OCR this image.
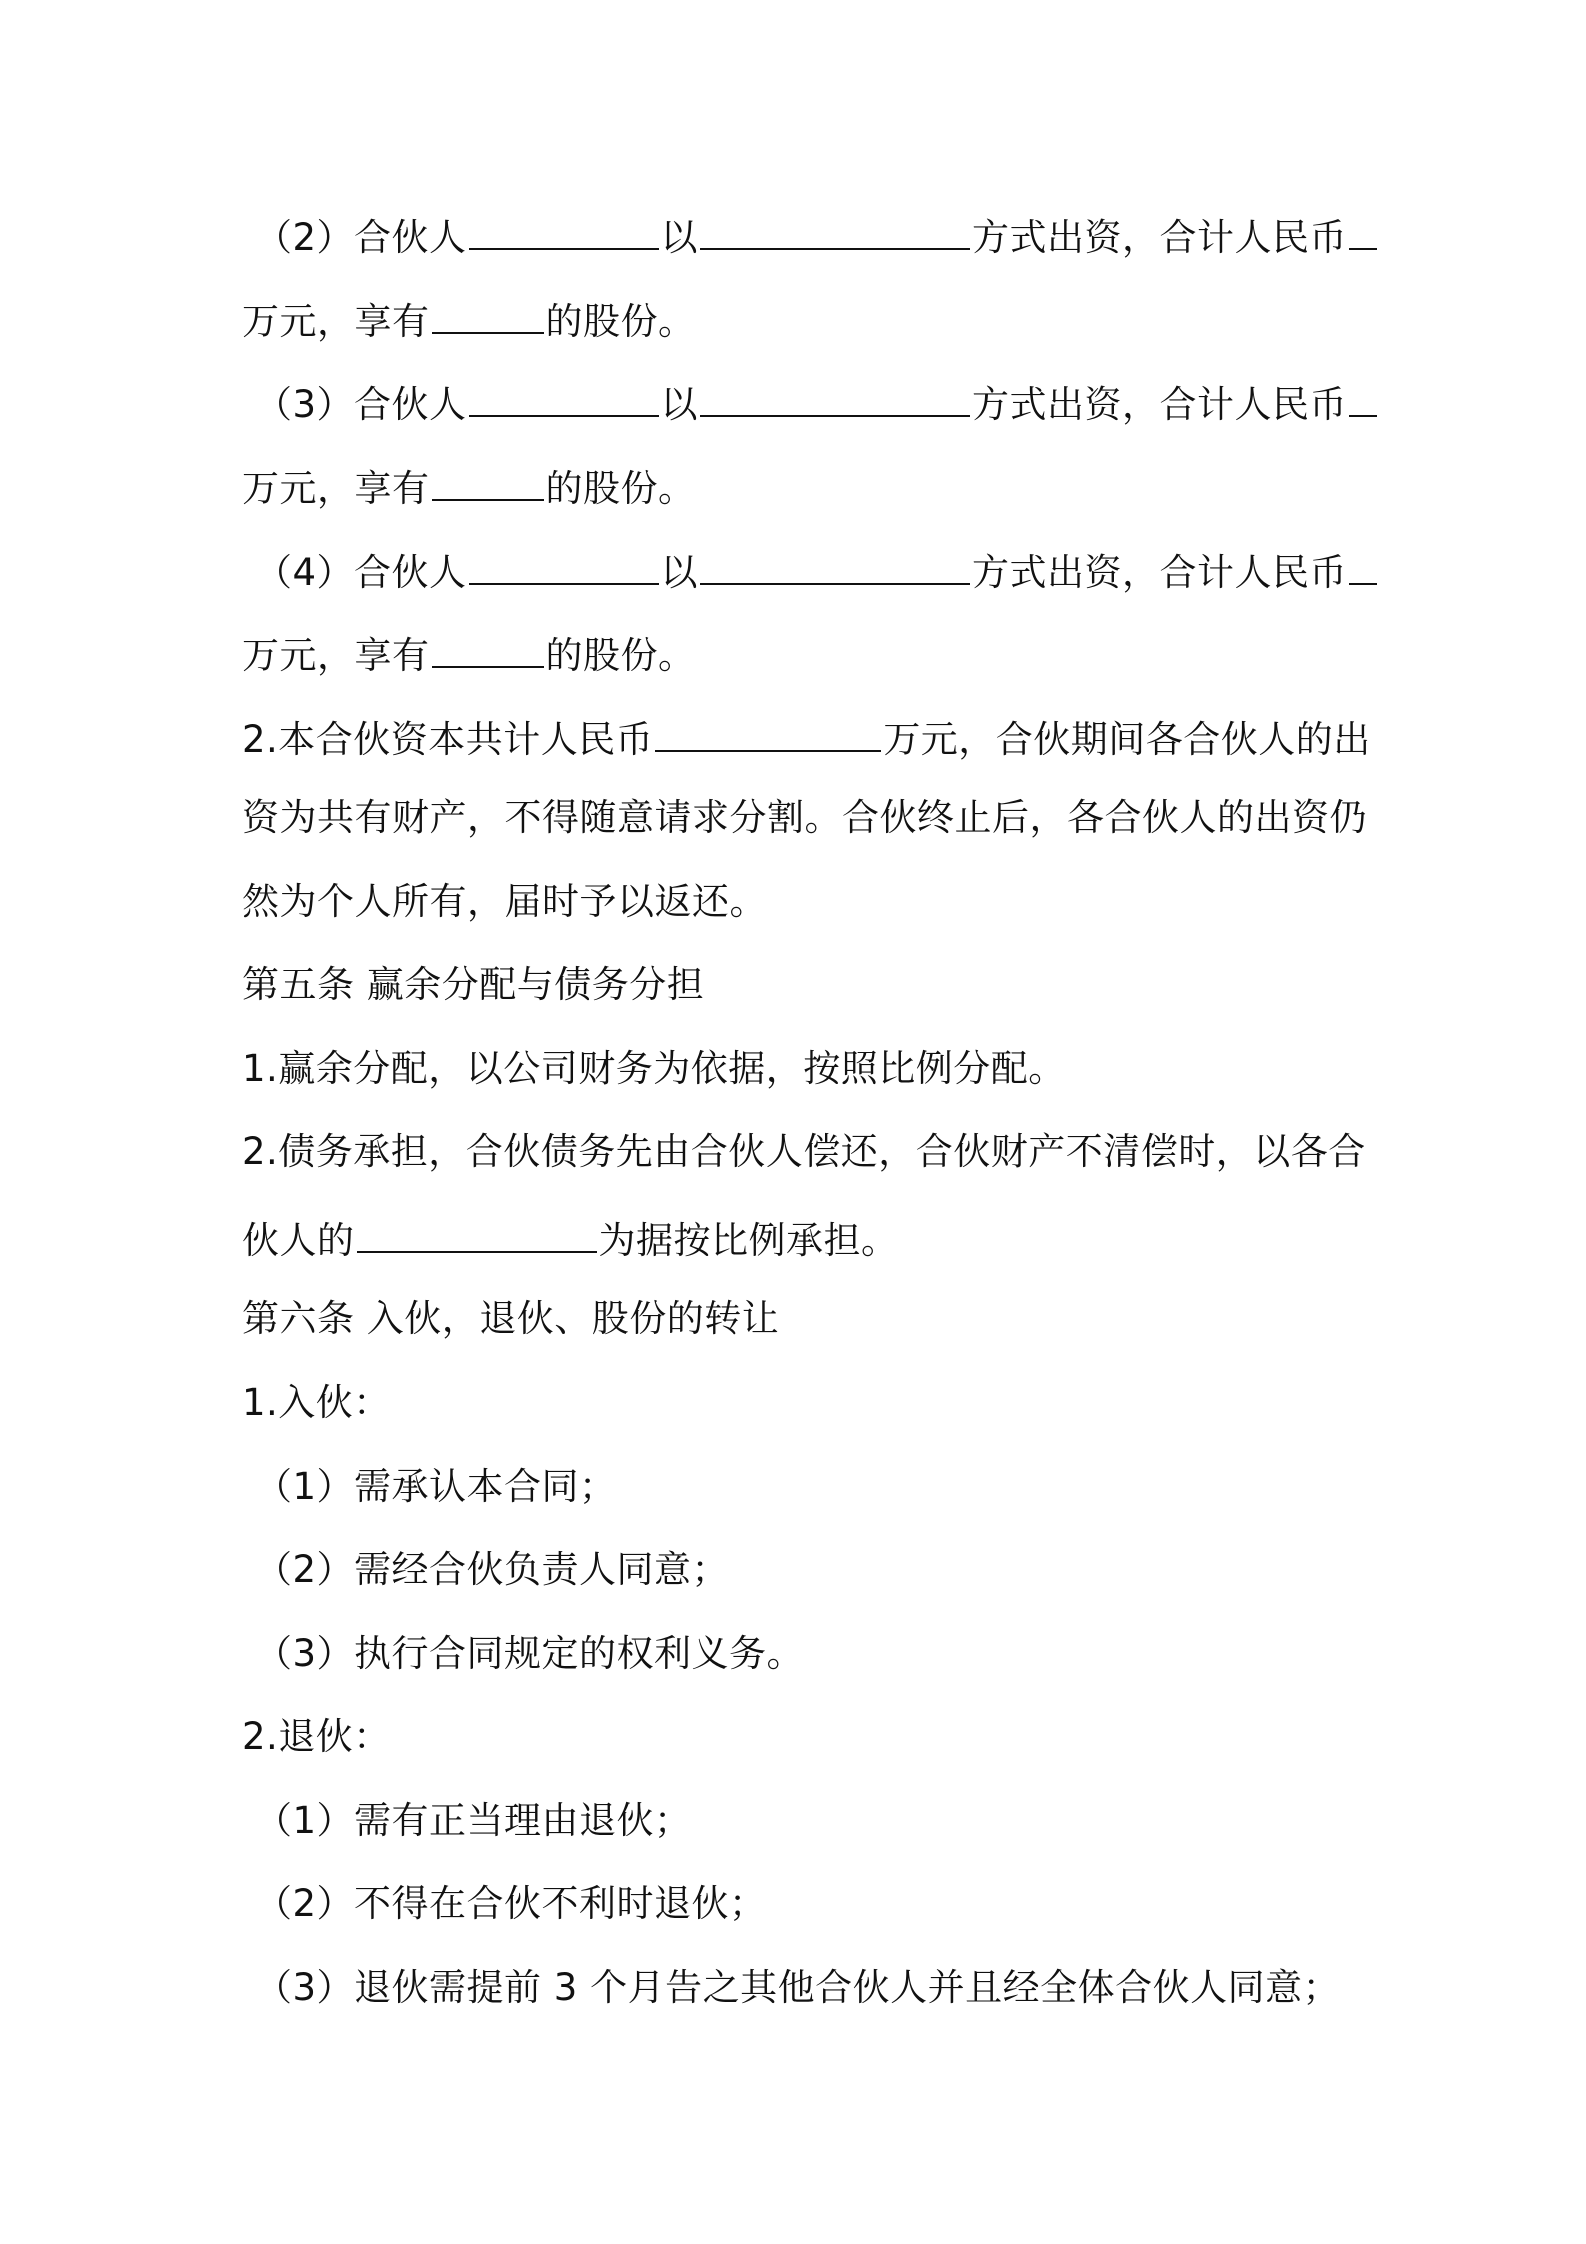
（2）合伙人	以	方式出资，合计人民币
万元，享有	的股份。
（3）合伙人	以	方式出资，合计人民币
万元，享有	的股份。
（4）合伙人	以	方式出资，合计人民币
万元，享有	的股份。
2.本合伙资本共计人民币	万元，合伙期间各合伙人的出
资为共有财产，不得随意请求分割。合伙终止后，各合伙人的出资仍
然为个人所有，届时予以返还。
第五条 赢余分配与债务分担
1.赢余分配，以公司财务为依据，按照比例分配。
2.债务承担，合伙债务先由合伙人偿还，合伙财产不清偿时，以各合
伙人的	为据按比例承担。
第六条 入伙，退伙、股份的转让
1.入伙：
（1）需承认本合同；
（2）需经合伙负责人同意；
（3）执行合同规定的权利义务。
2.退伙：
（1）需有正当理由退伙；
（2）不得在合伙不利时退伙；
（3）退伙需提前 3 个月告之其他合伙人并且经全体合伙人同意；
